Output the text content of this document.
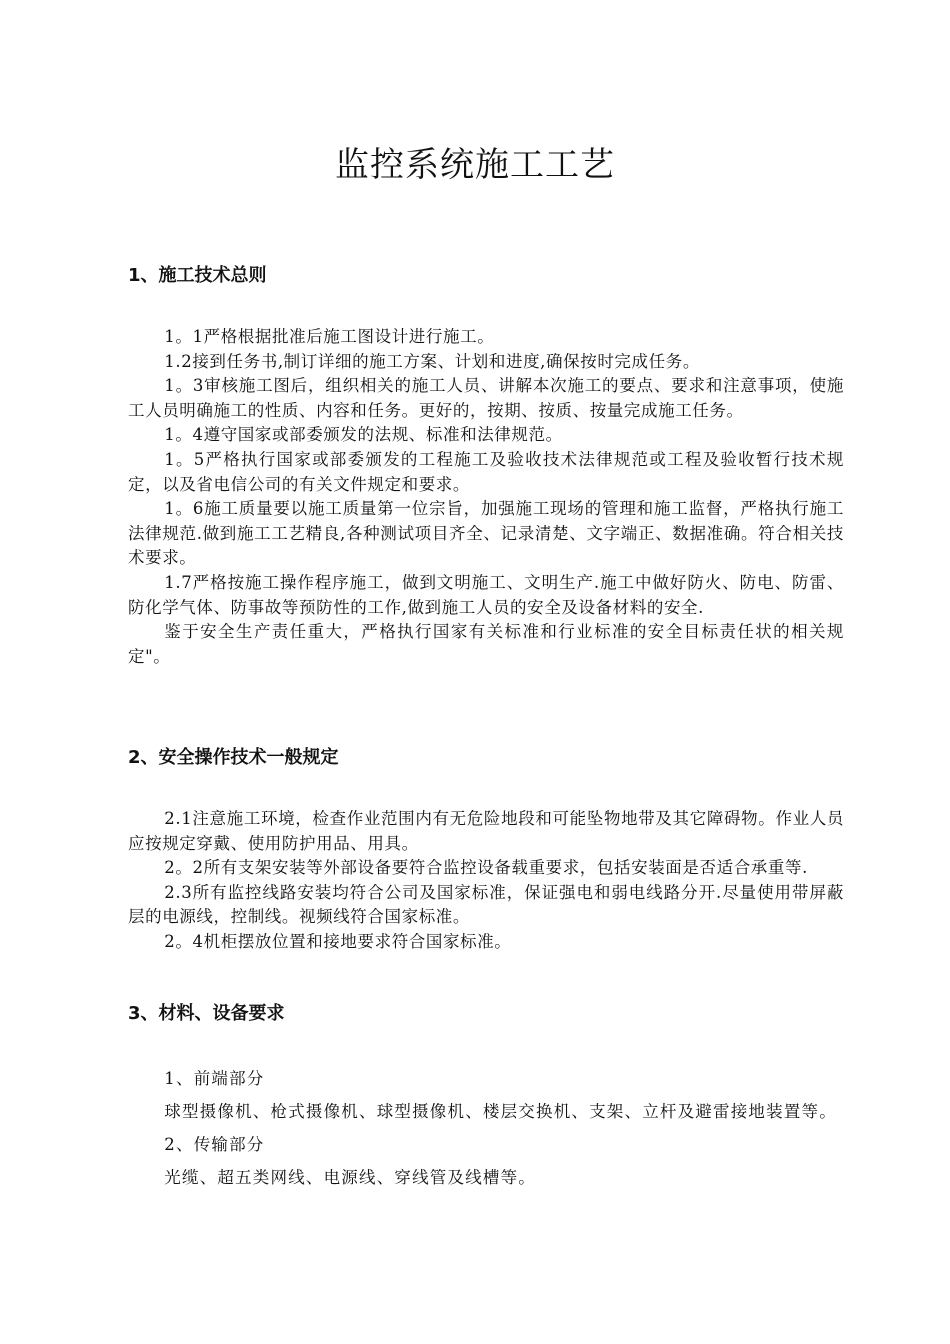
监控系统施工工艺
1、施工技术总则

1。1严格根据批准后施工图设计进行施工。

1.2接到任务书,制订详细的施工方案、计划和进度,确保按时完成任务。

1。3审核施工图后，组织相关的施工人员、讲解本次施工的要点、要求和注意事项，使施工人员明确施工的性质、内容和任务。更好的，按期、按质、按量完成施工任务。

1。4遵守国家或部委颁发的法规、标准和法律规范。

1。5严格执行国家或部委颁发的工程施工及验收技术法律规范或工程及验收暂行技术规定，以及省电信公司的有关文件规定和要求。

1。6施工质量要以施工质量第一位宗旨，加强施工现场的管理和施工监督，严格执行施工法律规范.做到施工工艺精良,各种测试项目齐全、记录清楚、文字端正、数据准确。符合相关技术要求。

1.7严格按施工操作程序施工，做到文明施工、文明生产.施工中做好防火、防电、防雷、防化学气体、防事故等预防性的工作,做到施工人员的安全及设备材料的安全.

鉴于安全生产责任重大，严格执行国家有关标准和行业标准的安全目标责任状的相关规定"。

2、安全操作技术一般规定

2.1注意施工环境，检查作业范围内有无危险地段和可能坠物地带及其它障碍物。作业人员应按规定穿戴、使用防护用品、用具。

2。2所有支架安装等外部设备要符合监控设备载重要求，包括安装面是否适合承重等.

2.3所有监控线路安装均符合公司及国家标准，保证强电和弱电线路分开.尽量使用带屏蔽层的电源线，控制线。视频线符合国家标准。

2。4机柜摆放位置和接地要求符合国家标准。

3、材料、设备要求

1、前端部分

球型摄像机、枪式摄像机、球型摄像机、楼层交换机、支架、立杆及避雷接地装置等。

2、传输部分

光缆、超五类网线、电源线、穿线管及线槽等。
